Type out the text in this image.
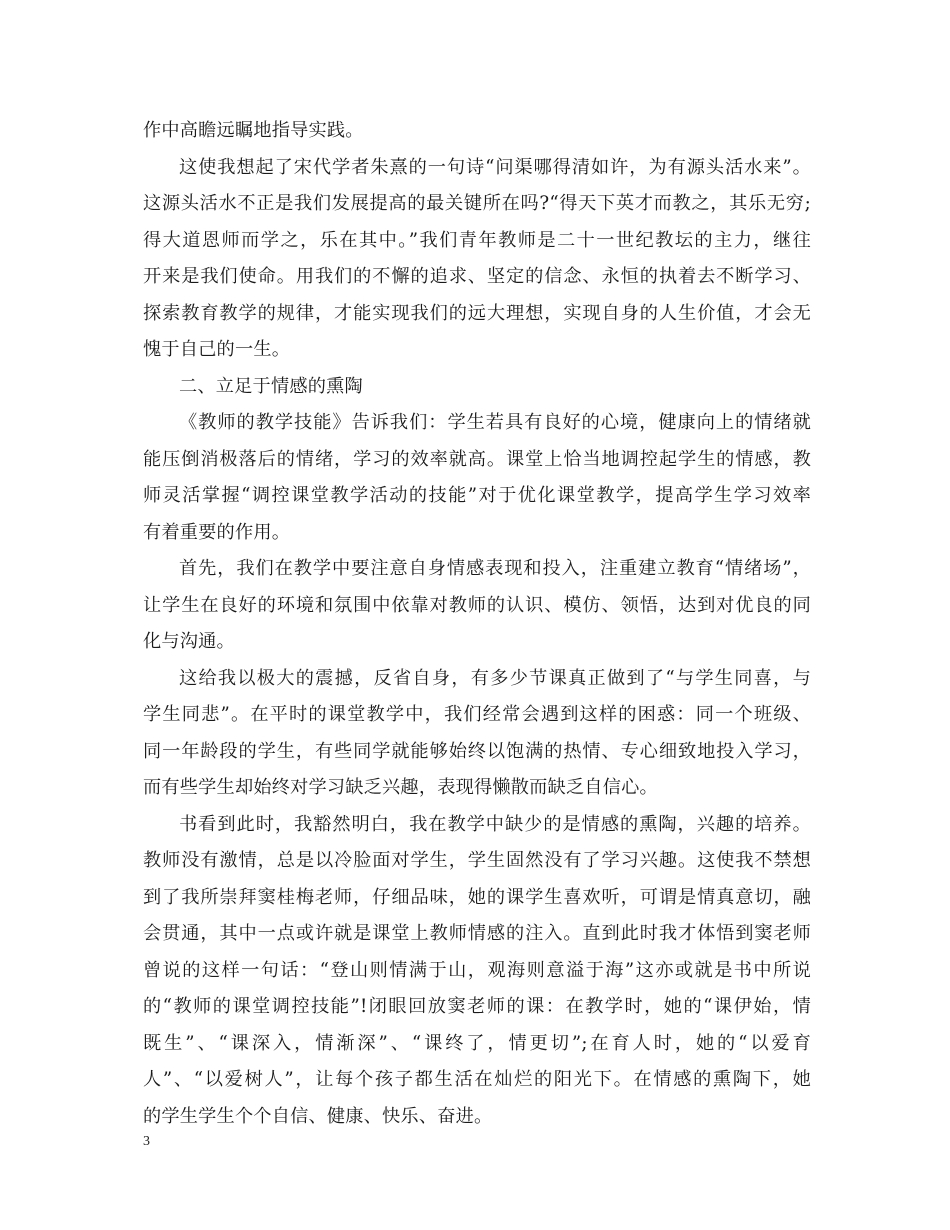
作中高瞻远瞩地指导实践。
这使我想起了宋代学者朱熹的一句诗“问渠哪得清如许，为有源头活水来”。
这源头活水不正是我们发展提高的最关键所在吗?“得天下英才而教之，其乐无穷;
得大道恩师而学之，乐在其中。”我们青年教师是二十一世纪教坛的主力，继往
开来是我们使命。用我们的不懈的追求、坚定的信念、永恒的执着去不断学习、
探索教育教学的规律，才能实现我们的远大理想，实现自身的人生价值，才会无
愧于自己的一生。
二、立足于情感的熏陶
《教师的教学技能》告诉我们：学生若具有良好的心境，健康向上的情绪就
能压倒消极落后的情绪，学习的效率就高。课堂上恰当地调控起学生的情感，教
师灵活掌握“调控课堂教学活动的技能”对于优化课堂教学，提高学生学习效率
有着重要的作用。
首先，我们在教学中要注意自身情感表现和投入，注重建立教育“情绪场”，
让学生在良好的环境和氛围中依靠对教师的认识、模仿、领悟，达到对优良的同
化与沟通。
这给我以极大的震撼，反省自身，有多少节课真正做到了“与学生同喜，与
学生同悲”。在平时的课堂教学中，我们经常会遇到这样的困惑：同一个班级、
同一年龄段的学生，有些同学就能够始终以饱满的热情、专心细致地投入学习，
而有些学生却始终对学习缺乏兴趣，表现得懒散而缺乏自信心。
书看到此时，我豁然明白，我在教学中缺少的是情感的熏陶，兴趣的培养。
教师没有激情，总是以冷脸面对学生，学生固然没有了学习兴趣。这使我不禁想
到了我所崇拜窦桂梅老师，仔细品味，她的课学生喜欢听，可谓是情真意切，融
会贯通，其中一点或许就是课堂上教师情感的注入。直到此时我才体悟到窦老师
曾说的这样一句话：“登山则情满于山，观海则意溢于海”这亦或就是书中所说
的“教师的课堂调控技能”!闭眼回放窦老师的课：在教学时，她的“课伊始，情
既生”、“课深入，情渐深”、“课终了，情更切”;在育人时，她的“以爱育
人”、“以爱树人”，让每个孩子都生活在灿烂的阳光下。在情感的熏陶下，她
的学生学生个个自信、健康、快乐、奋进。
3
